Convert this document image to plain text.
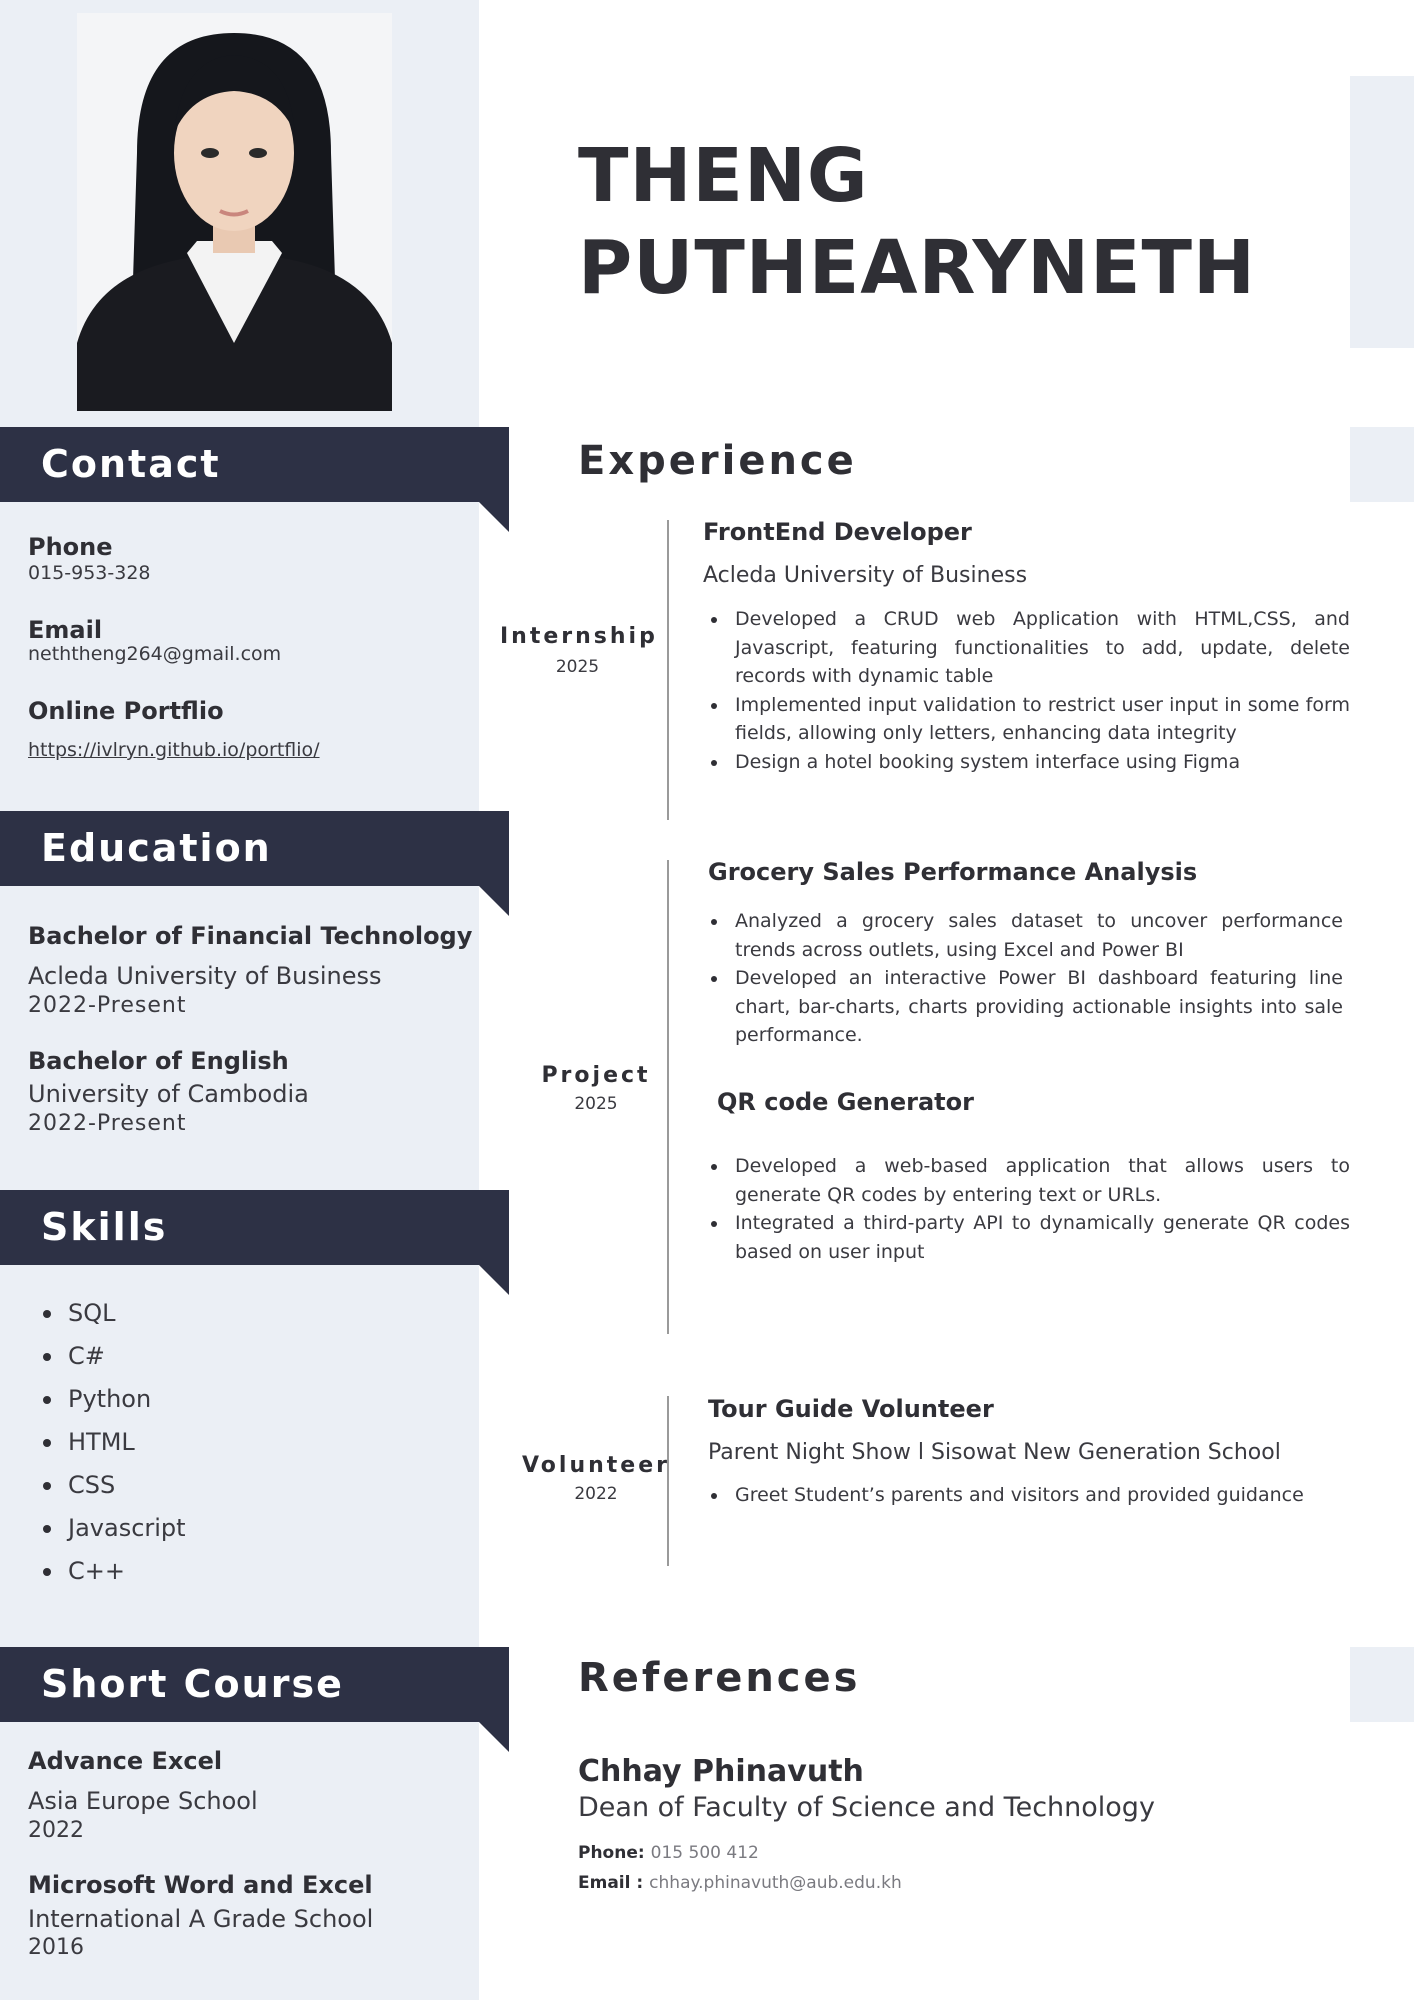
THENG
PUTHEARYNETH
Contact
Phone
015-953-328
Email
neththeng264@gmail.com
Online Portflio
https://ivlryn.github.io/portflio/
Education
Bachelor of Financial Technology
Acleda University of Business
2022-Present
Bachelor of English
University of Cambodia
2022-Present
Skills
SQL
C#
Python
HTML
CSS
Javascript
C++
Short Course
Advance Excel
Asia Europe School
2022
Microsoft Word and Excel
International A Grade School
2016
Experience
Internship
2025
FrontEnd Developer
Acleda University of Business
Developed a CRUD web Application with HTML,CSS, and Javascript, featuring functionalities to add, update, delete records with dynamic table
Implemented input validation to restrict user input in some form fields, allowing only letters, enhancing data integrity
Design a hotel booking system interface using Figma
Project
2025
Grocery Sales Performance Analysis
Analyzed a grocery sales dataset to uncover performance trends across outlets, using Excel and Power BI
Developed an interactive Power BI dashboard featuring line chart, bar-charts, charts providing actionable insights into sale performance.
QR code Generator
Developed a web-based application that allows users to generate QR codes by entering text or URLs.
Integrated a third-party API to dynamically generate QR codes based on user input
Volunteer
2022
Tour Guide Volunteer
Parent Night Show l Sisowat New Generation School
Greet Student’s parents and visitors and provided guidance
References
Chhay Phinavuth
Dean of Faculty of Science and Technology
Phone: 015 500 412
Email : chhay.phinavuth@aub.edu.kh
